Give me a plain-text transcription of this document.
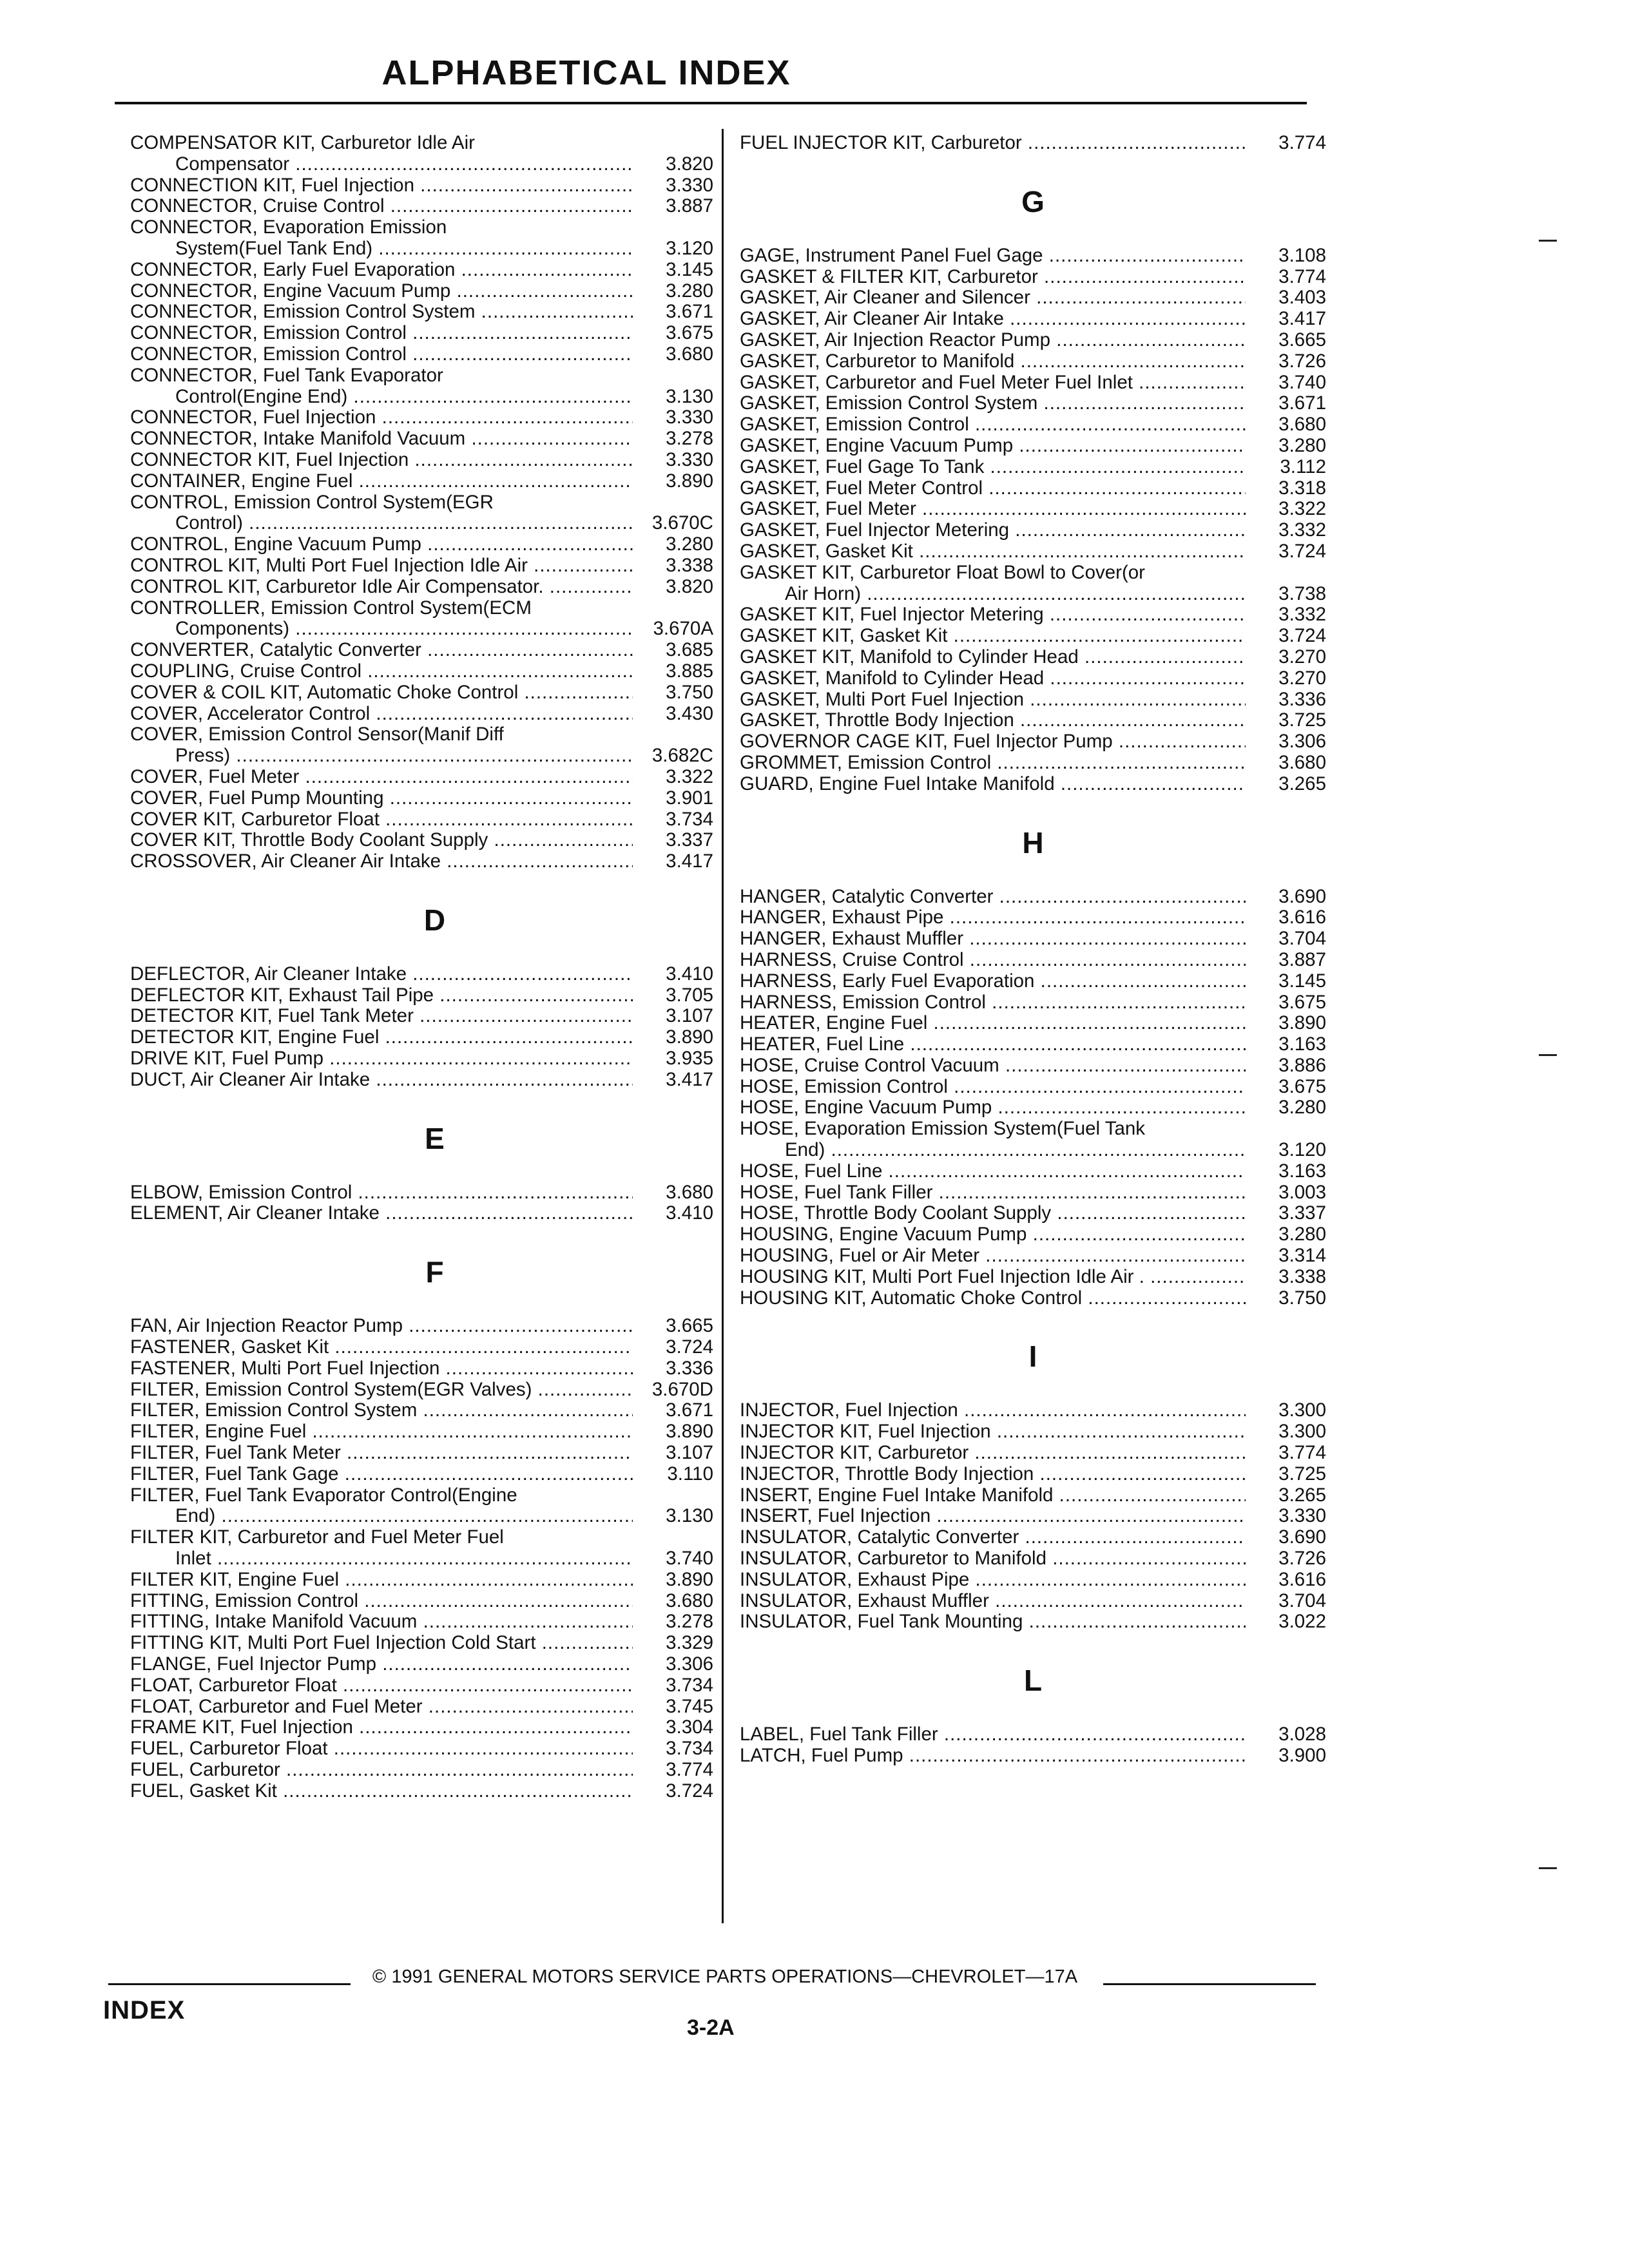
ALPHABETICAL INDEX
COMPENSATOR KIT, Carburetor Idle Air
Compensator .....	3.820
CONNECTION KIT, Fuel Injection .....	3.330
CONNECTOR, Cruise Control .....	3.887
CONNECTOR, Evaporation Emission
System(Fuel Tank End) .....	3.120
CONNECTOR, Early Fuel Evaporation .....	3.145
CONNECTOR, Engine Vacuum Pump .....	3.280
CONNECTOR, Emission Control System .....	3.671
CONNECTOR, Emission Control .....	3.675
CONNECTOR, Emission Control .....	3.680
CONNECTOR, Fuel Tank Evaporator
Control(Engine End) .....	3.130
CONNECTOR, Fuel Injection .....	3.330
CONNECTOR, Intake Manifold Vacuum .....	3.278
CONNECTOR KIT, Fuel Injection .....	3.330
CONTAINER, Engine Fuel .....	3.890
CONTROL, Emission Control System(EGR
Control) .....	3.670C
CONTROL, Engine Vacuum Pump .....	3.280
CONTROL KIT, Multi Port Fuel Injection Idle Air .....	3.338
CONTROL KIT, Carburetor Idle Air Compensator. .....	3.820
CONTROLLER, Emission Control System(ECM
Components) .....	3.670A
CONVERTER, Catalytic Converter .....	3.685
COUPLING, Cruise Control .....	3.885
COVER & COIL KIT, Automatic Choke Control .....	3.750
COVER, Accelerator Control .....	3.430
COVER, Emission Control Sensor(Manif Diff
Press) .....	3.682C
COVER, Fuel Meter .....	3.322
COVER, Fuel Pump Mounting .....	3.901
COVER KIT, Carburetor Float .....	3.734
COVER KIT, Throttle Body Coolant Supply .....	3.337
CROSSOVER, Air Cleaner Air Intake .....	3.417
D
DEFLECTOR, Air Cleaner Intake .....	3.410
DEFLECTOR KIT, Exhaust Tail Pipe .....	3.705
DETECTOR KIT, Fuel Tank Meter .....	3.107
DETECTOR KIT, Engine Fuel .....	3.890
DRIVE KIT, Fuel Pump .....	3.935
DUCT, Air Cleaner Air Intake .....	3.417
E
ELBOW, Emission Control .....	3.680
ELEMENT, Air Cleaner Intake .....	3.410
F
FAN, Air Injection Reactor Pump .....	3.665
FASTENER, Gasket Kit .....	3.724
FASTENER, Multi Port Fuel Injection .....	3.336
FILTER, Emission Control System(EGR Valves) .....	3.670D
FILTER, Emission Control System .....	3.671
FILTER, Engine Fuel .....	3.890
FILTER, Fuel Tank Meter .....	3.107
FILTER, Fuel Tank Gage .....	3.110
FILTER, Fuel Tank Evaporator Control(Engine
End) .....	3.130
FILTER KIT, Carburetor and Fuel Meter Fuel
Inlet .....	3.740
FILTER KIT, Engine Fuel .....	3.890
FITTING, Emission Control .....	3.680
FITTING, Intake Manifold Vacuum .....	3.278
FITTING KIT, Multi Port Fuel Injection Cold Start .....	3.329
FLANGE, Fuel Injector Pump .....	3.306
FLOAT, Carburetor Float .....	3.734
FLOAT, Carburetor and Fuel Meter .....	3.745
FRAME KIT, Fuel Injection .....	3.304
FUEL, Carburetor Float .....	3.734
FUEL, Carburetor .....	3.774
FUEL, Gasket Kit .....	3.724
FUEL INJECTOR KIT, Carburetor .....	3.774
G
GAGE, Instrument Panel Fuel Gage .....	3.108
GASKET & FILTER KIT, Carburetor .....	3.774
GASKET, Air Cleaner and Silencer .....	3.403
GASKET, Air Cleaner Air Intake .....	3.417
GASKET, Air Injection Reactor Pump .....	3.665
GASKET, Carburetor to Manifold .....	3.726
GASKET, Carburetor and Fuel Meter Fuel Inlet .....	3.740
GASKET, Emission Control System .....	3.671
GASKET, Emission Control .....	3.680
GASKET, Engine Vacuum Pump .....	3.280
GASKET, Fuel Gage To Tank .....	3.112
GASKET, Fuel Meter Control .....	3.318
GASKET, Fuel Meter .....	3.322
GASKET, Fuel Injector Metering .....	3.332
GASKET, Gasket Kit .....	3.724
GASKET KIT, Carburetor Float Bowl to Cover(or
Air Horn) .....	3.738
GASKET KIT, Fuel Injector Metering .....	3.332
GASKET KIT, Gasket Kit .....	3.724
GASKET KIT, Manifold to Cylinder Head .....	3.270
GASKET, Manifold to Cylinder Head .....	3.270
GASKET, Multi Port Fuel Injection .....	3.336
GASKET, Throttle Body Injection .....	3.725
GOVERNOR CAGE KIT, Fuel Injector Pump .....	3.306
GROMMET, Emission Control .....	3.680
GUARD, Engine Fuel Intake Manifold .....	3.265
H
HANGER, Catalytic Converter .....	3.690
HANGER, Exhaust Pipe .....	3.616
HANGER, Exhaust Muffler .....	3.704
HARNESS, Cruise Control .....	3.887
HARNESS, Early Fuel Evaporation .....	3.145
HARNESS, Emission Control .....	3.675
HEATER, Engine Fuel .....	3.890
HEATER, Fuel Line .....	3.163
HOSE, Cruise Control Vacuum .....	3.886
HOSE, Emission Control .....	3.675
HOSE, Engine Vacuum Pump .....	3.280
HOSE, Evaporation Emission System(Fuel Tank
End) .....	3.120
HOSE, Fuel Line .....	3.163
HOSE, Fuel Tank Filler .....	3.003
HOSE, Throttle Body Coolant Supply .....	3.337
HOUSING, Engine Vacuum Pump .....	3.280
HOUSING, Fuel or Air Meter .....	3.314
HOUSING KIT, Multi Port Fuel Injection Idle Air . .....	3.338
HOUSING KIT, Automatic Choke Control .....	3.750
I
INJECTOR, Fuel Injection .....	3.300
INJECTOR KIT, Fuel Injection .....	3.300
INJECTOR KIT, Carburetor .....	3.774
INJECTOR, Throttle Body Injection .....	3.725
INSERT, Engine Fuel Intake Manifold .....	3.265
INSERT, Fuel Injection .....	3.330
INSULATOR, Catalytic Converter .....	3.690
INSULATOR, Carburetor to Manifold .....	3.726
INSULATOR, Exhaust Pipe .....	3.616
INSULATOR, Exhaust Muffler .....	3.704
INSULATOR, Fuel Tank Mounting .....	3.022
L
LABEL, Fuel Tank Filler .....	3.028
LATCH, Fuel Pump .....	3.900
© 1991 GENERAL MOTORS SERVICE PARTS OPERATIONS—CHEVROLET—17A
INDEX
3-2A
